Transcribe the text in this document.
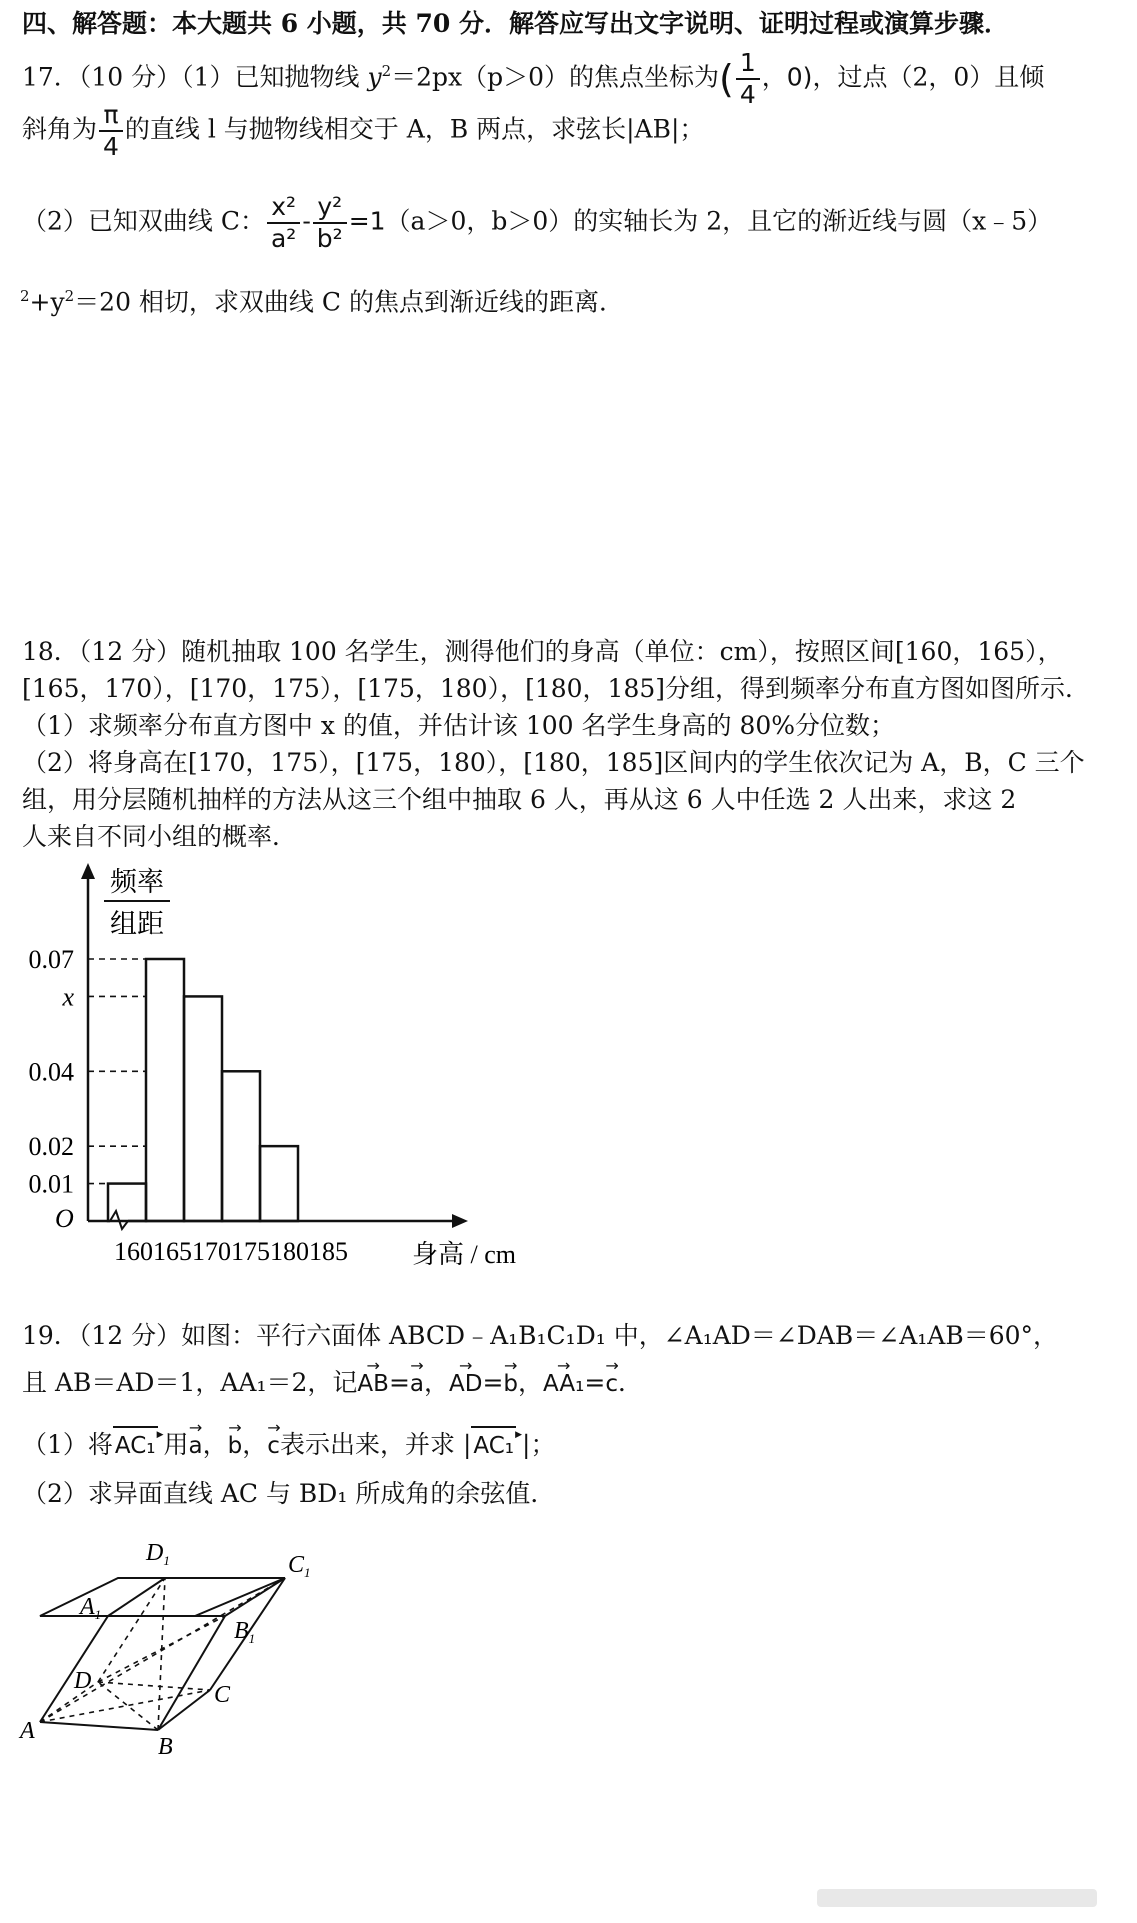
四、解答题：本大题共 6 小题，共 70 分．解答应写出文字说明、证明过程或演算步骤．
17．（10 分）（1）已知抛物线 $y^2=2px(p>0)$的焦点坐标为( $\frac{1}{4}$ ，0)，过点（2，0）且倾
斜角为 $\frac{\pi}{4}$ 的直线 l 与抛物线相交于 A，B 两点，求弦长|AB|；
（2）已知双曲线 C： $\frac{\text{x²}}{\text{a²}} - \frac{\text{y²}}{\text{b²}} =1(a>0$，b＞0）的实轴长为 2，且它的渐近线与圆（x﹣5）
$^2+y^2=20$ 相切，求双曲线 C 的焦点到渐近线的距离．
18．（12 分）随机抽取 100 名学生，测得他们的身高（单位：cm），按照区间[160，165），
[165，170），[170，175），[175，180），[180，185]分组，得到频率分布直方图如图所示．
（1）求频率分布直方图中 x 的值，并估计该 100 名学生身高的 80%分位数；
（2）将身高在[170，175），[175，180），[180，185]区间内的学生依次记为 A，B，C 三个
组，用分层随机抽样的方法从这三个组中抽取 6 人，再从这 6 人中任选 2 人出来，求这 2
人来自不同小组的概率．
频率
组距
0.07
x
0.04
0.02
0.01
O
160165170175180185 身高 / cm
19．（12 分）如图：平行六面体 ABCD﹣A₁B₁C₁D₁ 中，∠A₁AD＝∠DAB＝∠A₁AB＝60°，
且 AB＝AD＝1，AA₁＝2，记→ AB=→ a，→ AD=→ b，→ AA₁=→ c．
（1）将AC₁ ▶ 用→ a，→ b，→ c表示出来，并求 |AC₁ ▶ |；
（2）求异面直线 AC 与 BD₁ 所成角的余弦值．
$D_1$	$C_1$
$A_1$
$B_1$
D
C
A
B
